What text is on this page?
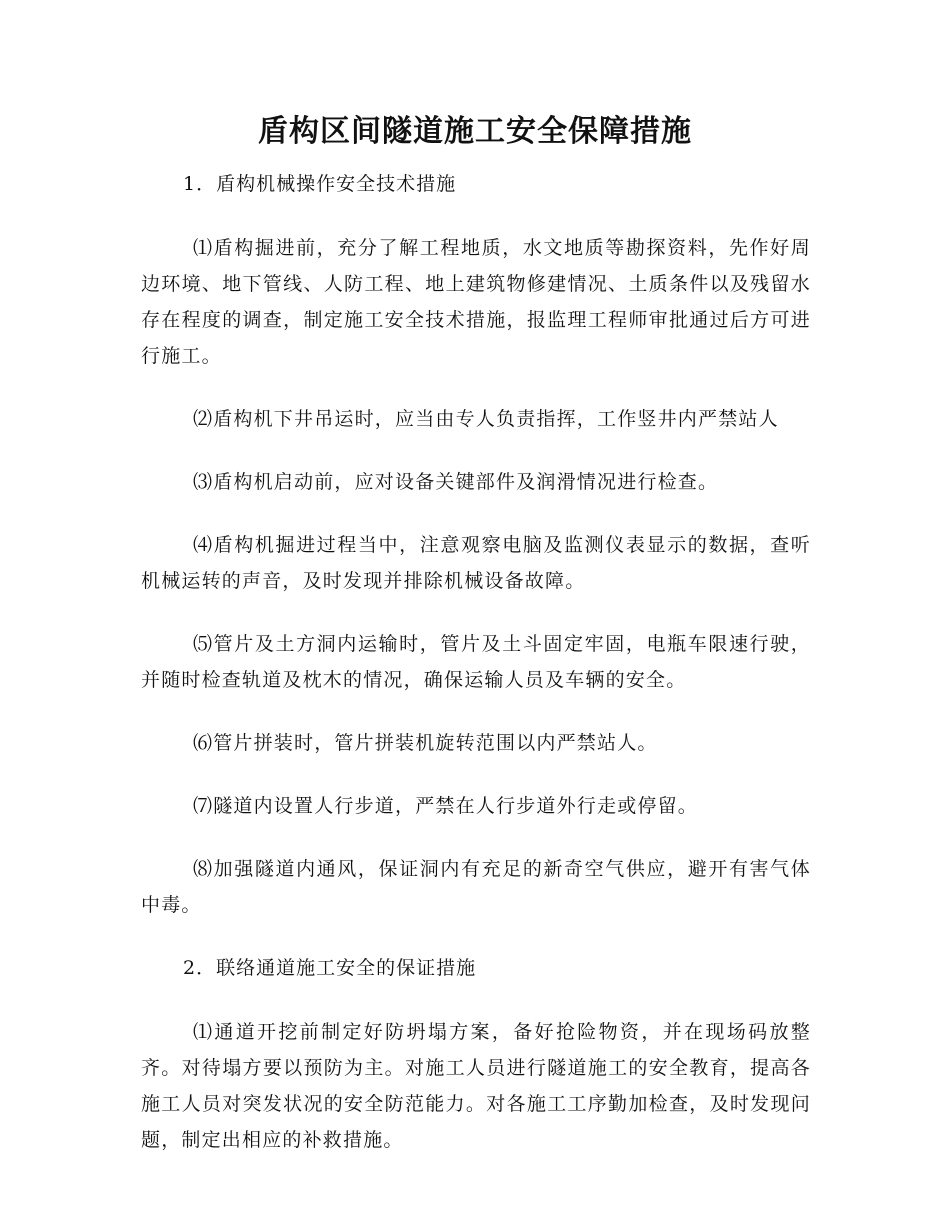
盾构区间隧道施工安全保障措施
1．盾构机械操作安全技术措施

⑴盾构掘进前，充分了解工程地质，水文地质等勘探资料，先作好周边环境、地下管线、人防工程、地上建筑物修建情况、土质条件以及残留水存在程度的调查，制定施工安全技术措施，报监理工程师审批通过后方可进行施工。

⑵盾构机下井吊运时，应当由专人负责指挥，工作竖井内严禁站人

⑶盾构机启动前，应对设备关键部件及润滑情况进行检查。

⑷盾构机掘进过程当中，注意观察电脑及监测仪表显示的数据，查听机械运转的声音，及时发现并排除机械设备故障。

⑸管片及土方洞内运输时，管片及土斗固定牢固，电瓶车限速行驶，并随时检查轨道及枕木的情况，确保运输人员及车辆的安全。

⑹管片拼装时，管片拼装机旋转范围以内严禁站人。

⑺隧道内设置人行步道，严禁在人行步道外行走或停留。

⑻加强隧道内通风，保证洞内有充足的新奇空气供应，避开有害气体中毒。

2．联络通道施工安全的保证措施

⑴通道开挖前制定好防坍塌方案，备好抢险物资，并在现场码放整齐。对待塌方要以预防为主。对施工人员进行隧道施工的安全教育，提高各施工人员对突发状况的安全防范能力。对各施工工序勤加检查，及时发现问题，制定出相应的补救措施。
